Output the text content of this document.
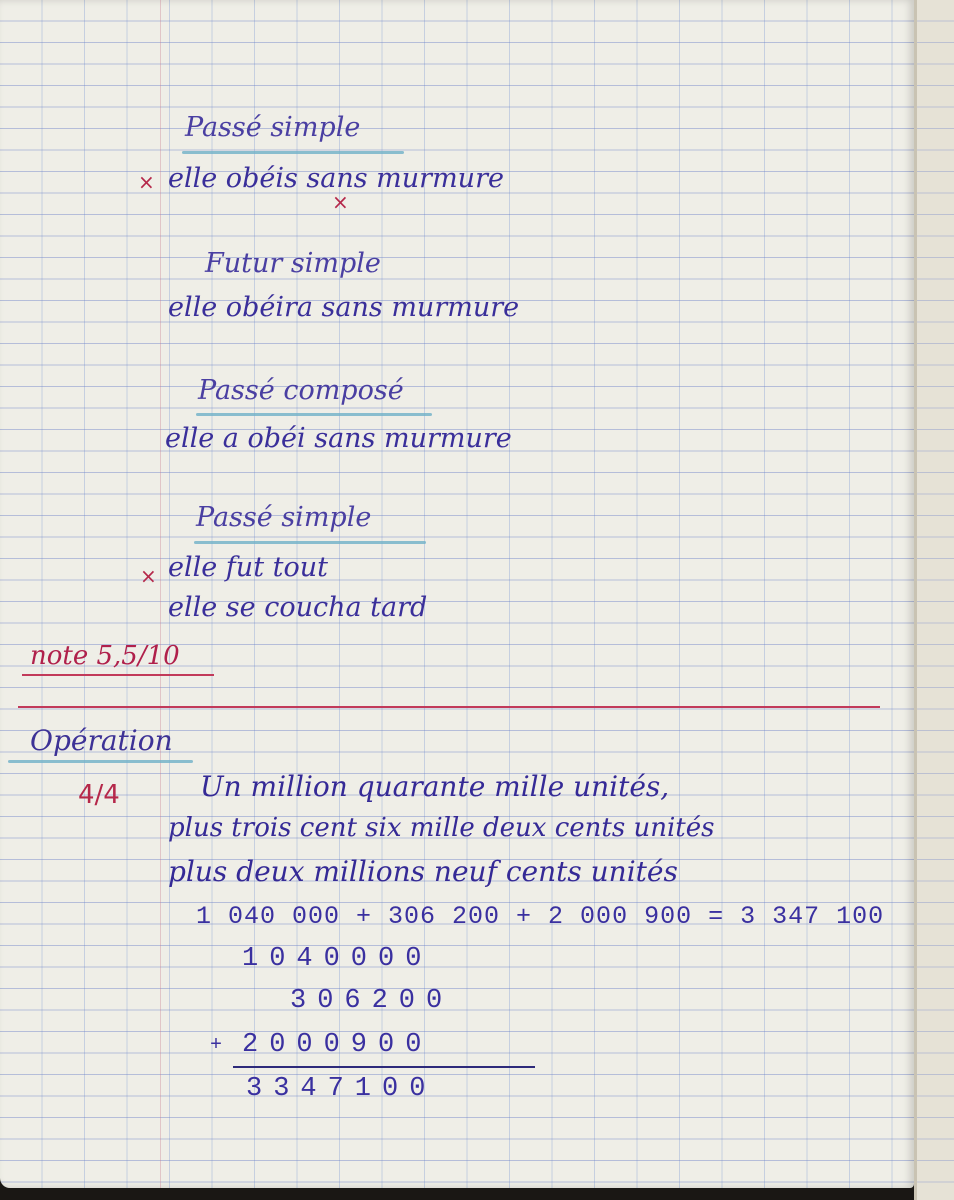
Passé simple
× elle obéis sans murmure
×
Futur simple
elle obéira sans murmure
Passé composé
elle a obéi sans murmure
Passé simple
× elle fut tout
elle se coucha tard
note 5,5/10
Opération
4/4	Un million quarante mille unités,
plus trois cent six mille deux cents unités
plus deux millions neuf cents unités
1 040 000 + 306 200 + 2 000 900 = 3 347 100
1040000
306200
+ 2000900
3347100
